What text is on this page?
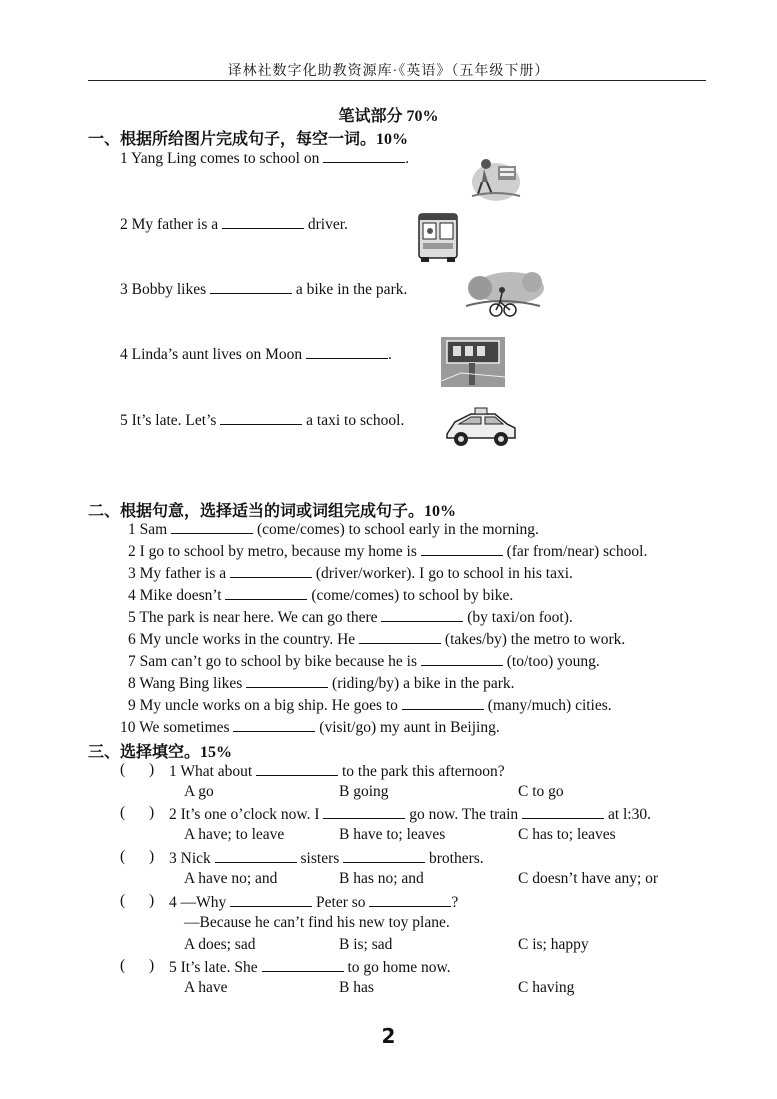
译林社数字化助教资源库·《英语》（五年级下册）
笔试部分 70%
一、根据所给图片完成句子，每空一词。10%
1 Yang Ling comes to school on	.
2 My father is a	driver.
3 Bobby likes	a bike in the park.
4 Linda’s aunt lives on Moon	.
5 It’s late. Let’s	a taxi to school.
二、根据句意，选择适当的词或词组完成句子。10%
1 Sam	(come/comes) to school early in the morning.
2 I go to school by metro, because my home is	(far from/near) school.
3 My father is a	(driver/worker). I go to school in his taxi.
4 Mike doesn’t	(come/comes) to school by bike.
5 The park is near here. We can go there	(by taxi/on foot).
6 My uncle works in the country. He	(takes/by) the metro to work.
7 Sam can’t go to school by bike because he is	(to/too) young.
8 Wang Bing likes	(riding/by) a bike in the park.
9 My uncle works on a big ship. He goes to	(many/much) cities.
10 We sometimes	(visit/go) my aunt in Beijing.
三、选择填空。15%
( ) 1 What about	to the park this afternoon?
A go	B going	C to go
( ) 2 It’s one o’clock now. I	go now. The train	at l:30.
A have; to leave	B have to; leaves	C has to; leaves
( ) 3 Nick	sisters	brothers.
A have no; and	B has no; and	C doesn’t have any; or
( ) 4 —Why	Peter so	?
—Because he can’t find his new toy plane.
A does; sad	B is; sad	C is; happy
( ) 5 It’s late. She	to go home now.
A have	B has	C having
2
